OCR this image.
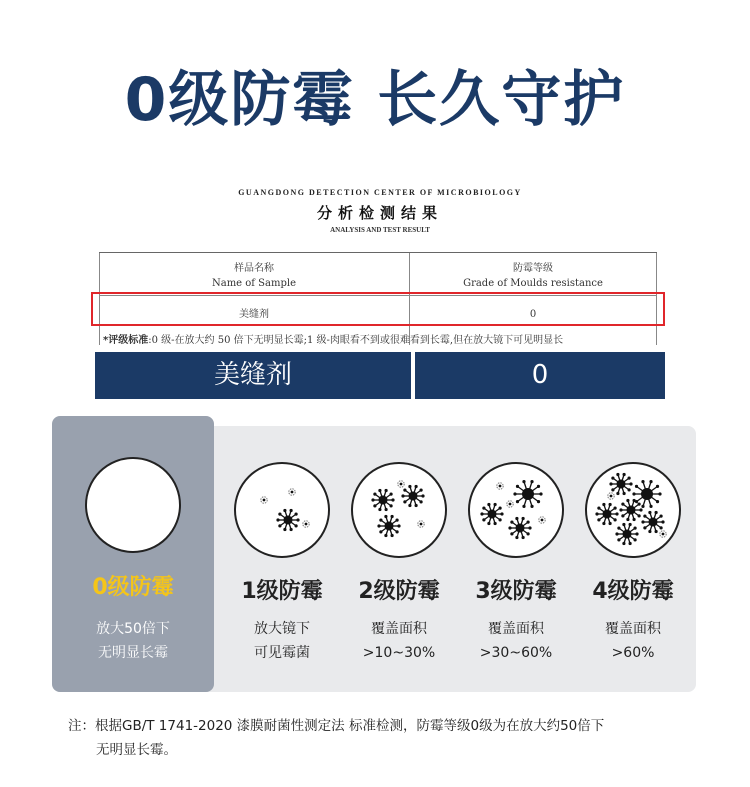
0级防霉 长久守护
GUANGDONG DETECTION CENTER OF MICROBIOLOGY
分析检测结果
ANALYSIS AND TEST RESULT
样品名称
Name of Sample
防霉等级
Grade of Moulds resistance
美缝剂	0
*评级标准:0 级-在放大约 50 倍下无明显长霉;1 级-肉眼看不到或很难看到长霉,但在放大镜下可见明显长
美缝剂	0
0级防霉
放大50倍下
无明显长霉
1级防霉
放大镜下
可见霉菌
2级防霉
覆盖面积
>10~30%
3级防霉
覆盖面积
>30~60%
4级防霉
覆盖面积
>60%
注：根据GB/T 1741-2020 漆膜耐菌性测定法 标准检测，防霉等级0级为在放大约50倍下
无明显长霉。
